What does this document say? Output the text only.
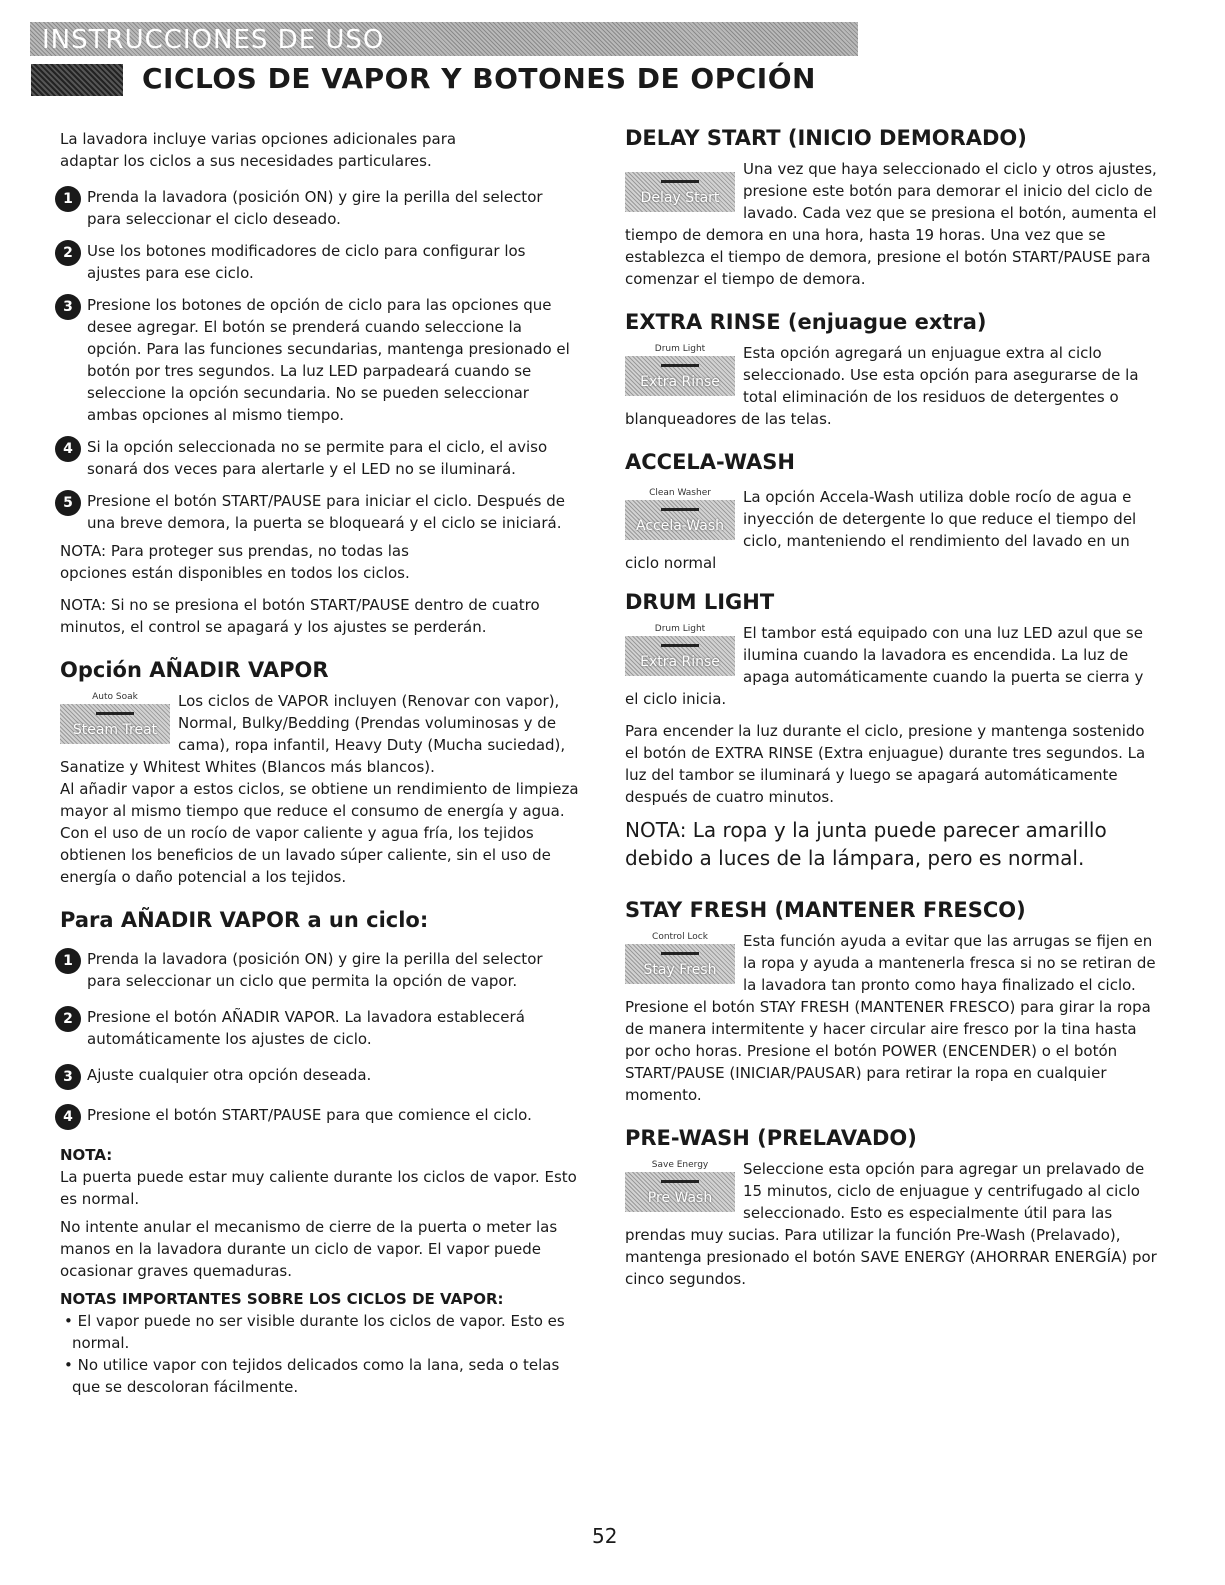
INSTRUCCIONES DE USO
CICLOS DE VAPOR Y BOTONES DE OPCIÓN

La lavadora incluye varias opciones adicionales para adaptar los ciclos a sus necesidades particulares.

1 Prenda la lavadora (posición ON) y gire la perilla del selector para seleccionar el ciclo deseado.
2 Use los botones modificadores de ciclo para configurar los ajustes para ese ciclo.
3 Presione los botones de opción de ciclo para las opciones que desee agregar. El botón se prenderá cuando seleccione la opción. Para las funciones secundarias, mantenga presionado el botón por tres segundos. La luz LED parpadeará cuando se seleccione la opción secundaria. No se pueden seleccionar ambas opciones al mismo tiempo.
4 Si la opción seleccionada no se permite para el ciclo, el aviso sonará dos veces para alertarle y el LED no se iluminará.
5 Presione el botón START/PAUSE para iniciar el ciclo. Después de una breve demora, la puerta se bloqueará y el ciclo se iniciará.

NOTA: Para proteger sus prendas, no todas las opciones están disponibles en todos los ciclos.

NOTA: Si no se presiona el botón START/PAUSE dentro de cuatro minutos, el control se apagará y los ajustes se perderán.

Opción AÑADIR VAPOR
Auto Soak
Steam Treat

Los ciclos de VAPOR incluyen (Renovar con vapor), Normal, Bulky/Bedding (Prendas voluminosas y de cama), ropa infantil, Heavy Duty (Mucha suciedad), Sanatize y Whitest Whites (Blancos más blancos).

Al añadir vapor a estos ciclos, se obtiene un rendimiento de limpieza mayor al mismo tiempo que reduce el consumo de energía y agua. Con el uso de un rocío de vapor caliente y agua fría, los tejidos obtienen los beneficios de un lavado súper caliente, sin el uso de energía o daño potencial a los tejidos.

Para AÑADIR VAPOR a un ciclo:
1 Prenda la lavadora (posición ON) y gire la perilla del selector para seleccionar un ciclo que permita la opción de vapor.
2 Presione el botón AÑADIR VAPOR. La lavadora establecerá automáticamente los ajustes de ciclo.
3 Ajuste cualquier otra opción deseada.
4 Presione el botón START/PAUSE para que comience el ciclo.

NOTA:

La puerta puede estar muy caliente durante los ciclos de vapor. Esto es normal.

No intente anular el mecanismo de cierre de la puerta o meter las manos en la lavadora durante un ciclo de vapor. El vapor puede ocasionar graves quemaduras.

NOTAS IMPORTANTES SOBRE LOS CICLOS DE VAPOR:

• El vapor puede no ser visible durante los ciclos de vapor. Esto es normal.

• No utilice vapor con tejidos delicados como la lana, seda o telas que se descoloran fácilmente.

DELAY START (INICIO DEMORADO)
Delay Start

Una vez que haya seleccionado el ciclo y otros ajustes, presione este botón para demorar el inicio del ciclo de lavado. Cada vez que se presiona el botón, aumenta el tiempo de demora en una hora, hasta 19 horas. Una vez que se establezca el tiempo de demora, presione el botón START/PAUSE para comenzar el tiempo de demora.

EXTRA RINSE (enjuague extra)
Drum Light
Extra Rinse

Esta opción agregará un enjuague extra al ciclo seleccionado. Use esta opción para asegurarse de la total eliminación de los residuos de detergentes o blanqueadores de las telas.

ACCELA-WASH
Clean Washer
Accela-Wash

La opción Accela-Wash utiliza doble rocío de agua e inyección de detergente lo que reduce el tiempo del ciclo, manteniendo el rendimiento del lavado en un ciclo normal

DRUM LIGHT
Drum Light
Extra Rinse

El tambor está equipado con una luz LED azul que se ilumina cuando la lavadora es encendida. La luz de apaga automáticamente cuando la puerta se cierra y el ciclo inicia.

Para encender la luz durante el ciclo, presione y mantenga sostenido el botón de EXTRA RINSE (Extra enjuague) durante tres segundos. La luz del tambor se iluminará y luego se apagará automáticamente después de cuatro minutos.

NOTA: La ropa y la junta puede parecer amarillo debido a luces de la lámpara, pero es normal.

STAY FRESH (MANTENER FRESCO)
Control Lock
Stay Fresh

Esta función ayuda a evitar que las arrugas se fijen en la ropa y ayuda a mantenerla fresca si no se retiran de la lavadora tan pronto como haya finalizado el ciclo. Presione el botón STAY FRESH (MANTENER FRESCO) para girar la ropa de manera intermitente y hacer circular aire fresco por la tina hasta por ocho horas. Presione el botón POWER (ENCENDER) o el botón START/PAUSE (INICIAR/PAUSAR) para retirar la ropa en cualquier momento.

PRE-WASH (PRELAVADO)
Save Energy
Pre Wash

Seleccione esta opción para agregar un prelavado de 15 minutos, ciclo de enjuague y centrifugado al ciclo seleccionado. Esto es especialmente útil para las prendas muy sucias. Para utilizar la función Pre-Wash (Prelavado), mantenga presionado el botón SAVE ENERGY (AHORRAR ENERGÍA) por cinco segundos.

52
